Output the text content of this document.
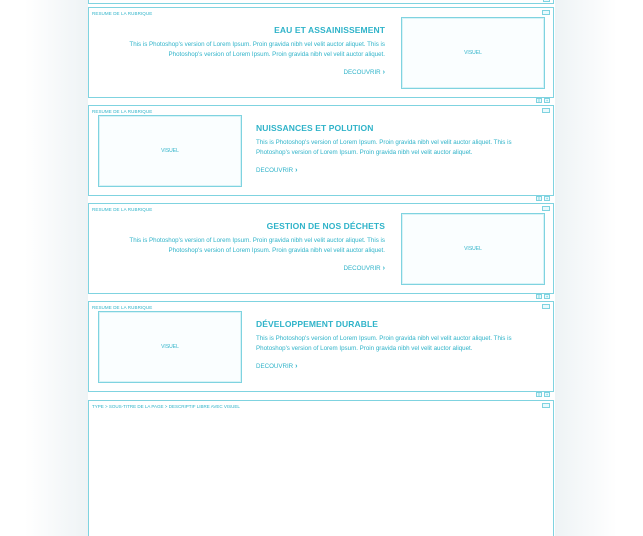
RESUME DE LA RUBRIQUE
EAU ET ASSAINISSEMENT
This is Photoshop's version of Lorem Ipsum. Proin gravida nibh vel velit auctor aliquet. This is Photoshop's version of Lorem Ipsum. Proin gravida nibh vel velit auctor aliquet.
DECOUVRIR ›
VISUEL
≡	+
RESUME DE LA RUBRIQUE
VISUEL
NUISSANCES ET POLUTION
This is Photoshop's version of Lorem Ipsum. Proin gravida nibh vel velit auctor aliquet. This is Photoshop's version of Lorem Ipsum. Proin gravida nibh vel velit auctor aliquet.
DECOUVRIR ›
≡	+
RESUME DE LA RUBRIQUE
GESTION DE NOS DÉCHETS
This is Photoshop's version of Lorem Ipsum. Proin gravida nibh vel velit auctor aliquet. This is Photoshop's version of Lorem Ipsum. Proin gravida nibh vel velit auctor aliquet.
DECOUVRIR ›
VISUEL
≡	+
RESUME DE LA RUBRIQUE
VISUEL
DÉVELOPPEMENT DURABLE
This is Photoshop's version of Lorem Ipsum. Proin gravida nibh vel velit auctor aliquet. This is Photoshop's version of Lorem Ipsum. Proin gravida nibh vel velit auctor aliquet.
DECOUVRIR ›
≡	+
TYPE > SOUS-TITRE DE LA PAGE > DESCRIPTIF LIBRE AVEC VISUEL
